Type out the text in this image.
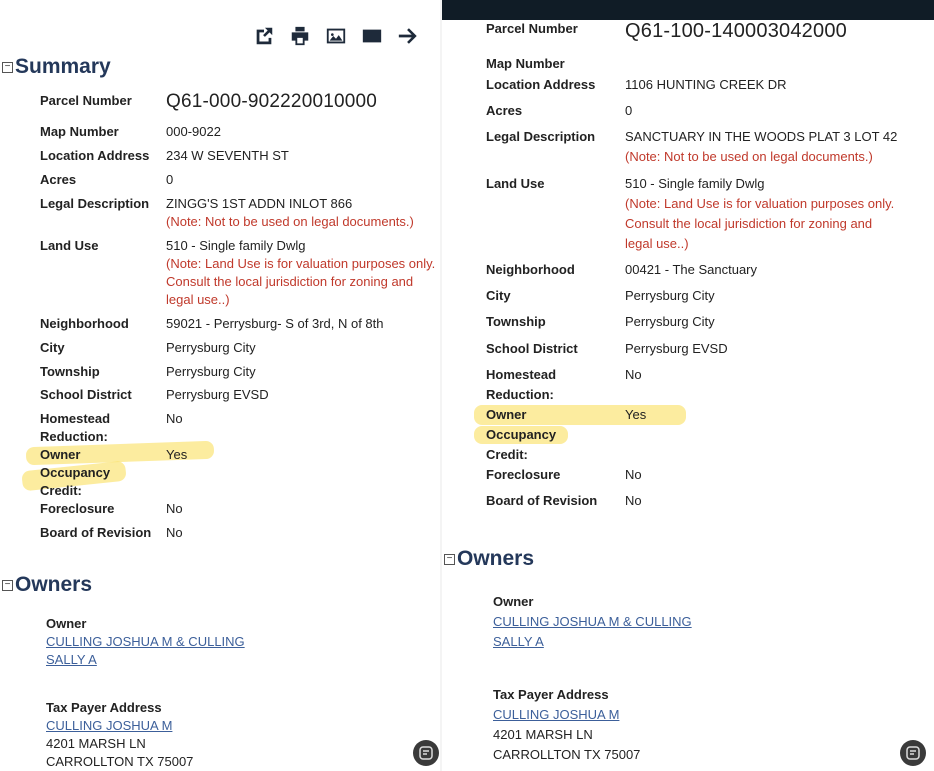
− Summary
Parcel Number Q61-000-902220010000
Map Number	000-9022
Location Address 234 W SEVENTH ST
Acres	0
Legal Description ZINGG'S 1ST ADDN INLOT 866
(Note: Not to be used on legal documents.)
Land Use	510 - Single family Dwlg
(Note: Land Use is for valuation purposes only.
Consult the local jurisdiction for zoning and
legal use..)
Neighborhood	59021 - Perrysburg- S of 3rd, N of 8th
City	Perrysburg City
Township	Perrysburg City
School District	Perrysburg EVSD
Homestead
Reduction:
No
Owner
Occupancy
Credit:
Yes
Foreclosure	No
Board of Revision No
− Owners
Owner
CULLING JOSHUA M & CULLING
SALLY A
Tax Payer Address
CULLING JOSHUA M
4201 MARSH LN
CARROLLTON TX 75007
Parcel Number Q61-100-140003042000
Map Number
Location Address 1106 HUNTING CREEK DR
Acres	0
Legal Description SANCTUARY IN THE WOODS PLAT 3 LOT 42
(Note: Not to be used on legal documents.)
Land Use	510 - Single family Dwlg
(Note: Land Use is for valuation purposes only.
Consult the local jurisdiction for zoning and
legal use..)
Neighborhood	00421 - The Sanctuary
City	Perrysburg City
Township	Perrysburg City
School District	Perrysburg EVSD
Homestead
Reduction:
No
Owner
Occupancy
Credit:
Yes
Foreclosure	No
Board of Revision No
− Owners
Owner
CULLING JOSHUA M & CULLING
SALLY A
Tax Payer Address
CULLING JOSHUA M
4201 MARSH LN
CARROLLTON TX 75007
